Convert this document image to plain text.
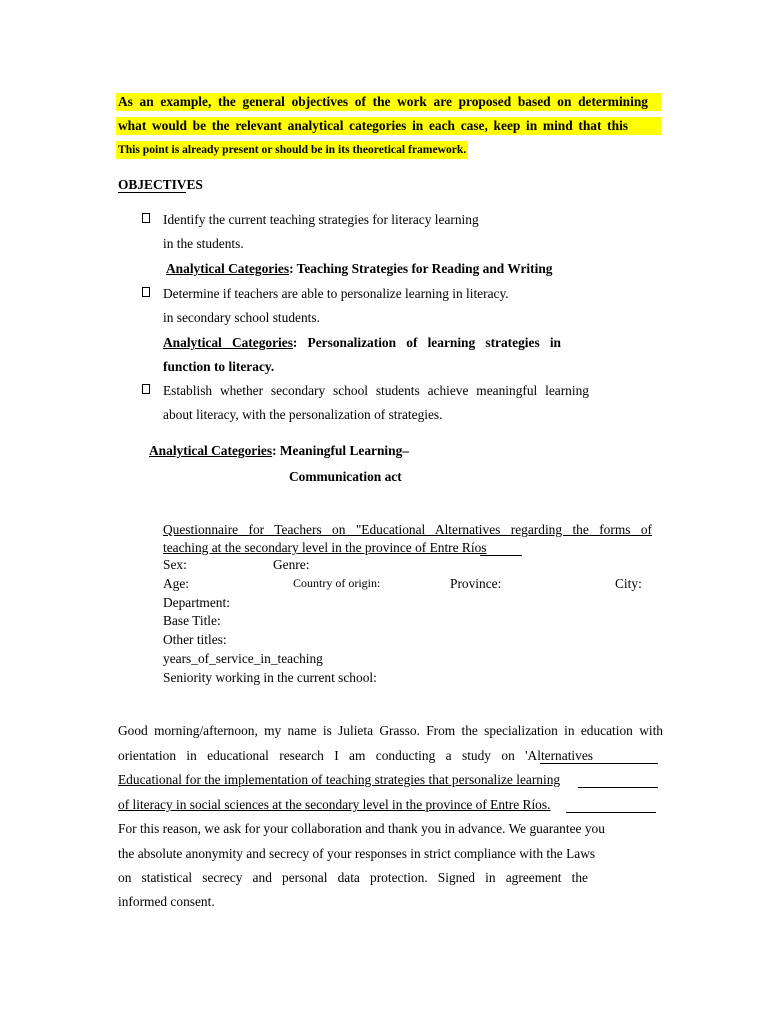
As an example, the general objectives of the work are proposed based on determining
what would be the relevant analytical categories in each case, keep in mind that this
This point is already present or should be in its theoretical framework.
OBJECTIVES
Identify the current teaching strategies for literacy learning
in the students.
Analytical Categories: Teaching Strategies for Reading and Writing
Determine if teachers are able to personalize learning in literacy.
in secondary school students.
Analytical Categories: Personalization of learning strategies in
function to literacy.
Establish whether secondary school students achieve meaningful learning
about literacy, with the personalization of strategies.
Analytical Categories: Meaningful Learning–
Communication act
Questionnaire for Teachers on "Educational Alternatives regarding the forms of
teaching at the secondary level in the province of Entre Ríos
Sex:	Genre:
Age:	Country of origin:	Province:	City:
Department:
Base Title:
Other titles:
years_of_service_in_teaching
Seniority working in the current school:
Good morning/afternoon, my name is Julieta Grasso. From the specialization in education with
orientation in educational research I am conducting a study on 'Alternatives
Educational for the implementation of teaching strategies that personalize learning
of literacy in social sciences at the secondary level in the province of Entre Ríos.
For this reason, we ask for your collaboration and thank you in advance. We guarantee you
the absolute anonymity and secrecy of your responses in strict compliance with the Laws
on statistical secrecy and personal data protection. Signed in agreement the
informed consent.
